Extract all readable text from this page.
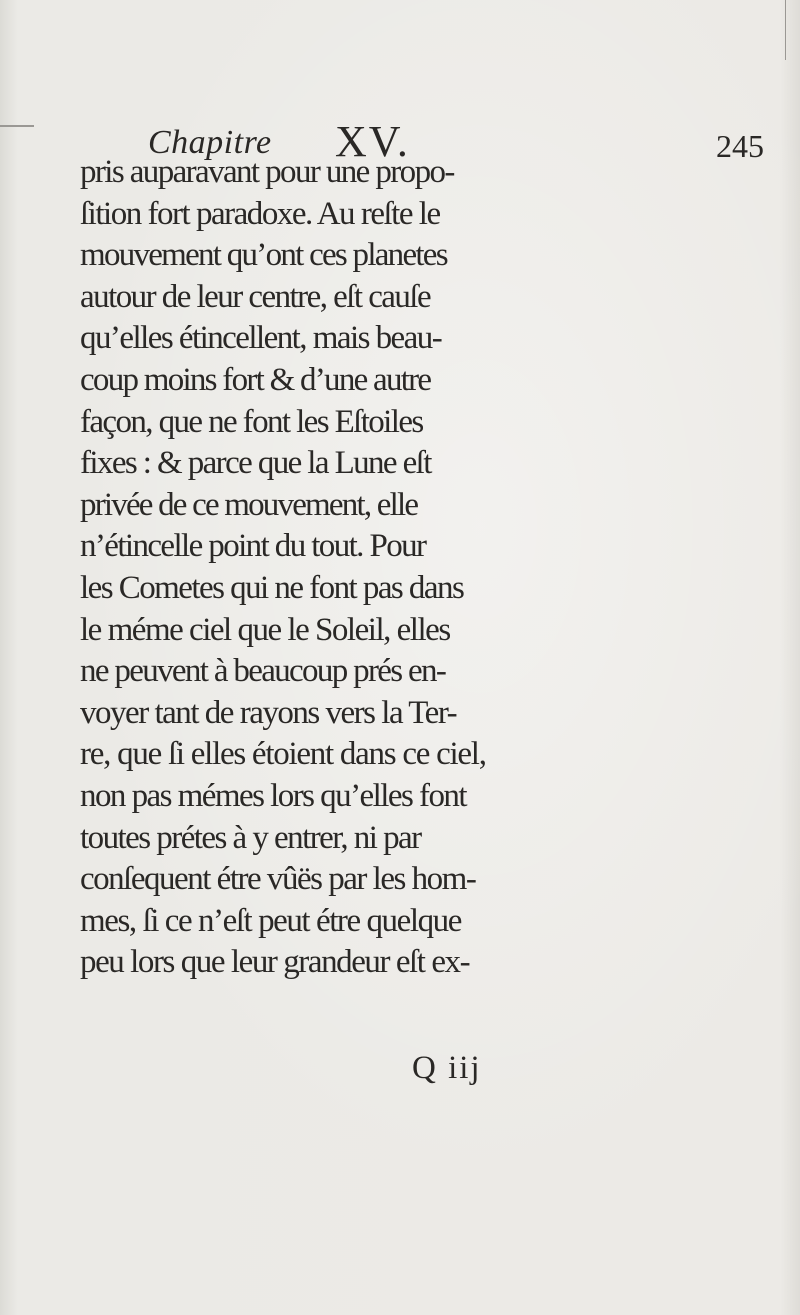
Chapitre XV.	245
pris auparavant pour une propo-
ſition fort paradoxe. Au reſte le
mouvement qu’ont ces planetes
autour de leur centre, eſt cauſe
qu’elles étincellent, mais beau-
coup moins fort & d’une autre
façon, que ne font les Eſtoiles
fixes : & parce que la Lune eſt
privée de ce mouvement, elle
n’étincelle point du tout. Pour
les Cometes qui ne font pas dans
le méme ciel que le Soleil, elles
ne peuvent à beaucoup prés en-
voyer tant de rayons vers la Ter-
re, que ſi elles étoient dans ce ciel,
non pas mémes lors qu’elles font
toutes prétes à y entrer, ni par
conſequent étre vûës par les hom-
mes, ſi ce n’eſt peut étre quelque
peu lors que leur grandeur eſt ex-
Q iij
